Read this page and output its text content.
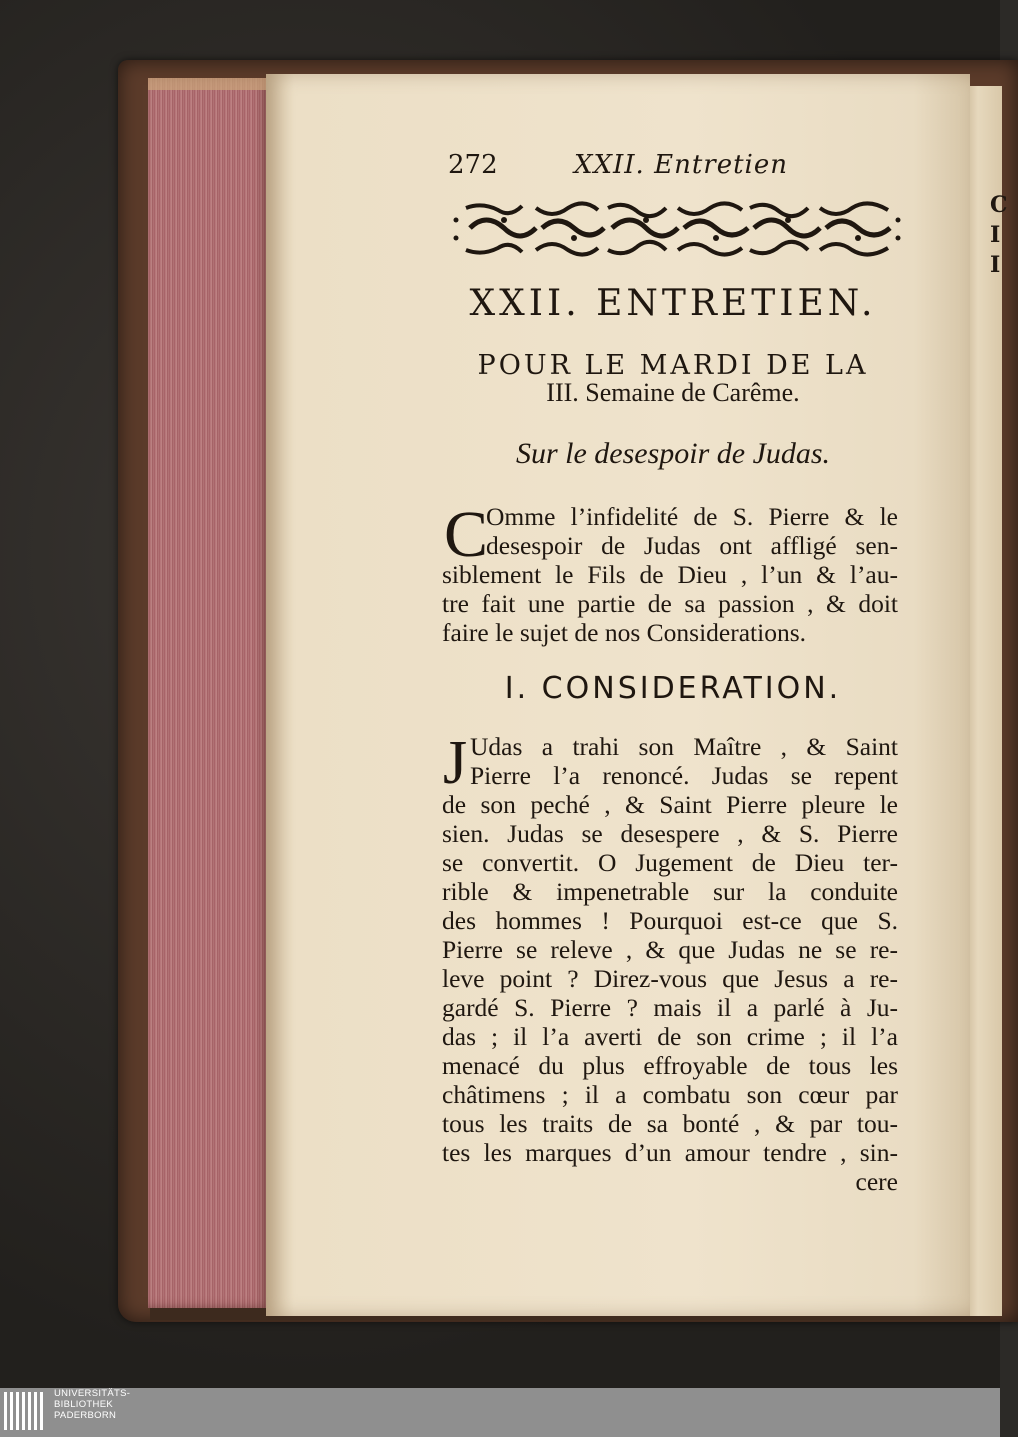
C
I
I
272	XXII. Entretien
XXII. ENTRETIEN.
POUR LE MARDI DE LA
III. Semaine de Carême.
Sur le desespoir de Judas.
C
Omme l’infidelité de S. Pierre & le
desespoir de Judas ont affligé sen-
siblement le Fils de Dieu , l’un & l’au-
tre fait une partie de sa passion , & doit
faire le sujet de nos Considerations.
I. CONSIDERATION.
J Udas a trahi son Maître , & Saint
Pierre l’a renoncé. Judas se repent
de son peché , & Saint Pierre pleure le
sien. Judas se desespere , & S. Pierre
se convertit. O Jugement de Dieu ter-
rible & impenetrable sur la conduite
des hommes ! Pourquoi est-ce que S.
Pierre se releve , & que Judas ne se re-
leve point ? Direz-vous que Jesus a re-
gardé S. Pierre ? mais il a parlé à Ju-
das ; il l’a averti de son crime ; il l’a
menacé du plus effroyable de tous les
châtimens ; il a combatu son cœur par
tous les traits de sa bonté , & par tou-
tes les marques d’un amour tendre , sin-
cere
UNIVERSITÄTS-
BIBLIOTHEK
PADERBORN
